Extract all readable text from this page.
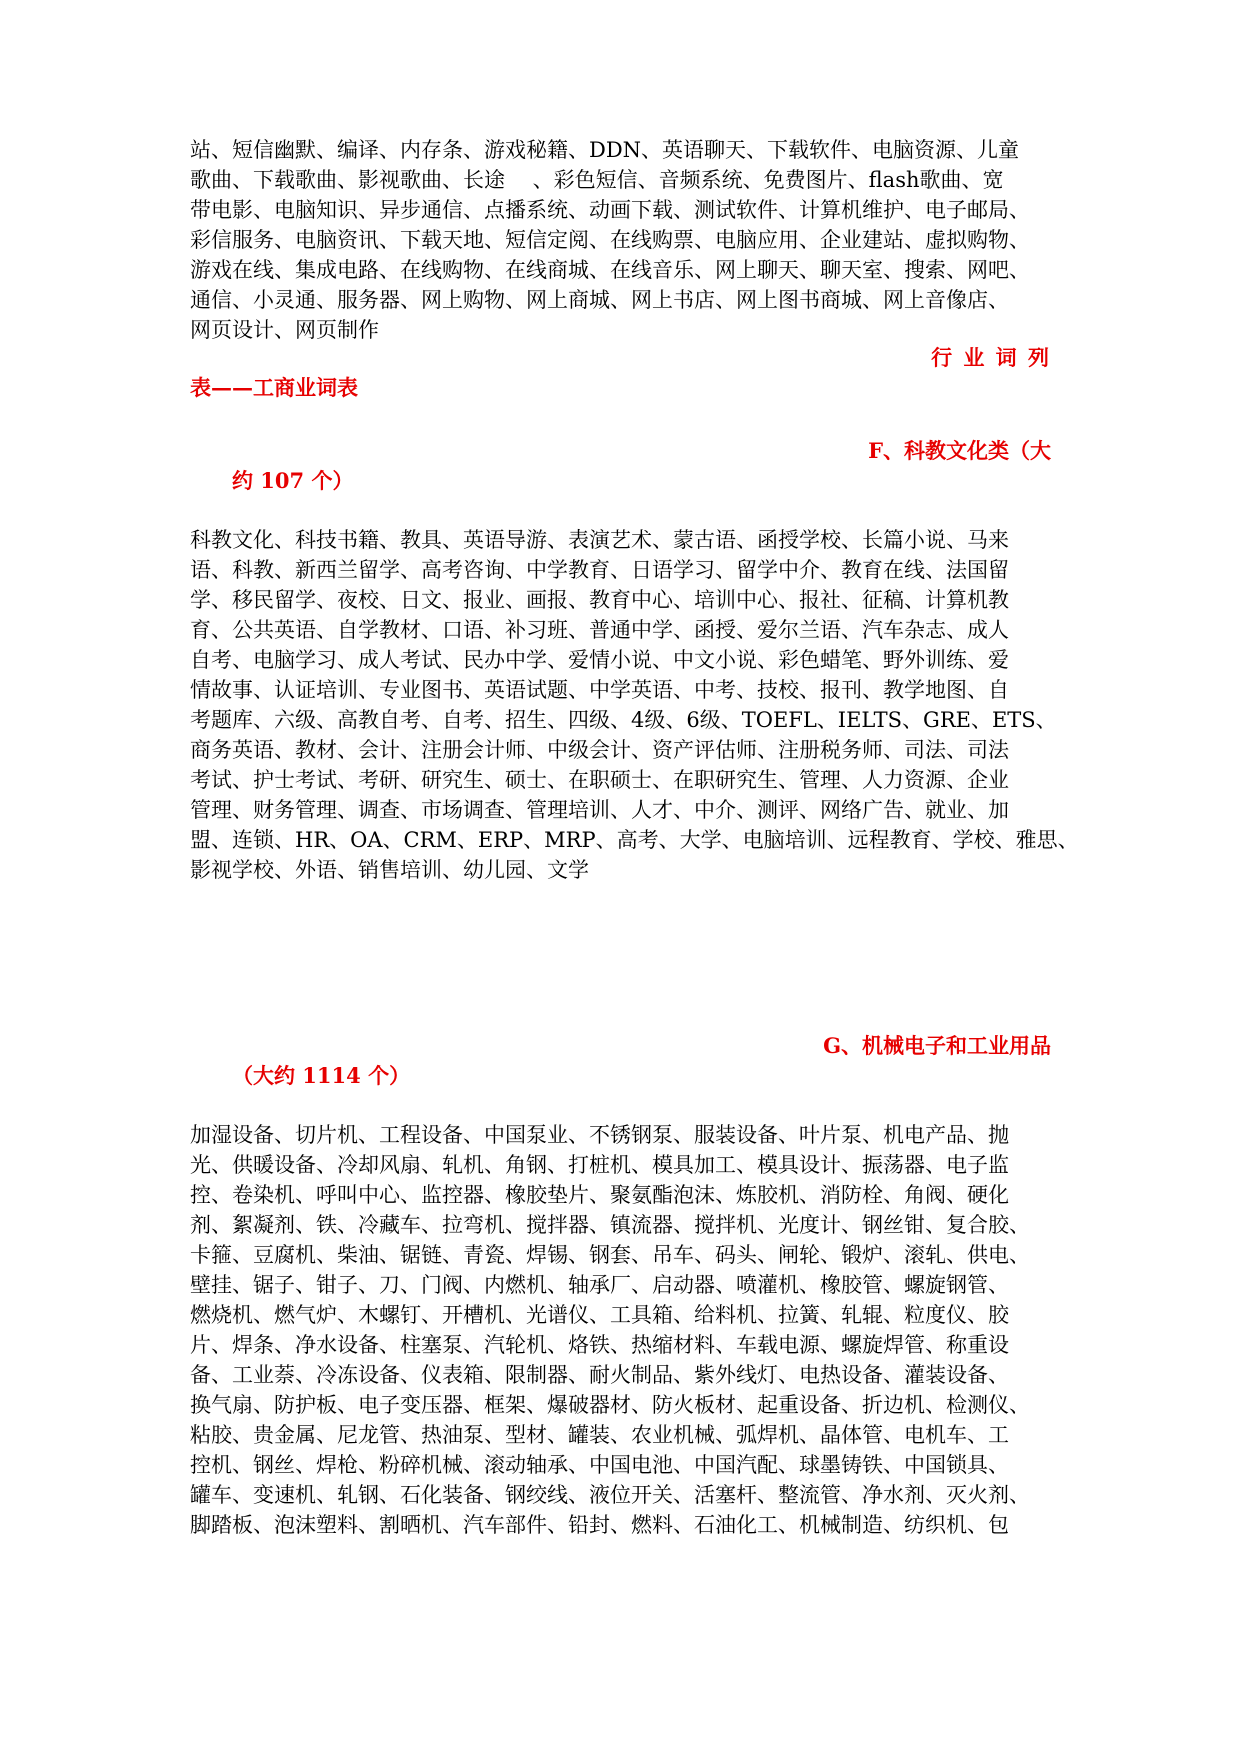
站、短信幽默、编译、内存条、游戏秘籍、DDN、英语聊天、下载软件、电脑资源、儿童
歌曲、下载歌曲、影视歌曲、长途　 、彩色短信、音频系统、免费图片、flash歌曲、宽
带电影、电脑知识、异步通信、点播系统、动画下载、测试软件、计算机维护、电子邮局、
彩信服务、电脑资讯、下载天地、短信定阅、在线购票、电脑应用、企业建站、虚拟购物、
游戏在线、集成电路、在线购物、在线商城、在线音乐、网上聊天、聊天室、搜索、网吧、
通信、小灵通、服务器、网上购物、网上商城、网上书店、网上图书商城、网上音像店、
网页设计、网页制作
行 业 词 列
表——工商业词表
F、科教文化类（大
约 107 个）
科教文化、科技书籍、教具、英语导游、表演艺术、蒙古语、函授学校、长篇小说、马来
语、科教、新西兰留学、高考咨询、中学教育、日语学习、留学中介、教育在线、法国留
学、移民留学、夜校、日文、报业、画报、教育中心、培训中心、报社、征稿、计算机教
育、公共英语、自学教材、口语、补习班、普通中学、函授、爱尔兰语、汽车杂志、成人
自考、电脑学习、成人考试、民办中学、爱情小说、中文小说、彩色蜡笔、野外训练、爱
情故事、认证培训、专业图书、英语试题、中学英语、中考、技校、报刊、教学地图、自
考题库、六级、高教自考、自考、招生、四级、4级、6级、TOEFL、IELTS、GRE、ETS、
商务英语、教材、会计、注册会计师、中级会计、资产评估师、注册税务师、司法、司法
考试、护士考试、考研、研究生、硕士、在职硕士、在职研究生、管理、人力资源、企业
管理、财务管理、调查、市场调查、管理培训、人才、中介、测评、网络广告、就业、加
盟、连锁、HR、OA、CRM、ERP、MRP、高考、大学、电脑培训、远程教育、学校、雅思、
影视学校、外语、销售培训、幼儿园、文学
G、机械电子和工业用品
（大约 1114 个）
加湿设备、切片机、工程设备、中国泵业、不锈钢泵、服装设备、叶片泵、机电产品、抛
光、供暖设备、冷却风扇、轧机、角钢、打桩机、模具加工、模具设计、振荡器、电子监
控、卷染机、呼叫中心、监控器、橡胶垫片、聚氨酯泡沫、炼胶机、消防栓、角阀、硬化
剂、絮凝剂、铁、冷藏车、拉弯机、搅拌器、镇流器、搅拌机、光度计、钢丝钳、复合胶、
卡箍、豆腐机、柴油、锯链、青瓷、焊锡、钢套、吊车、码头、闸轮、锻炉、滚轧、供电、
壁挂、锯子、钳子、刀、门阀、内燃机、轴承厂、启动器、喷灌机、橡胶管、螺旋钢管、
燃烧机、燃气炉、木螺钉、开槽机、光谱仪、工具箱、给料机、拉簧、轧辊、粒度仪、胶
片、焊条、净水设备、柱塞泵、汽轮机、烙铁、热缩材料、车载电源、螺旋焊管、称重设
备、工业萘、冷冻设备、仪表箱、限制器、耐火制品、紫外线灯、电热设备、灌装设备、
换气扇、防护板、电子变压器、框架、爆破器材、防火板材、起重设备、折边机、检测仪、
粘胶、贵金属、尼龙管、热油泵、型材、罐装、农业机械、弧焊机、晶体管、电机车、工
控机、钢丝、焊枪、粉碎机械、滚动轴承、中国电池、中国汽配、球墨铸铁、中国锁具、
罐车、变速机、轧钢、石化装备、钢绞线、液位开关、活塞杆、整流管、净水剂、灭火剂、
脚踏板、泡沫塑料、割晒机、汽车部件、铅封、燃料、石油化工、机械制造、纺织机、包
